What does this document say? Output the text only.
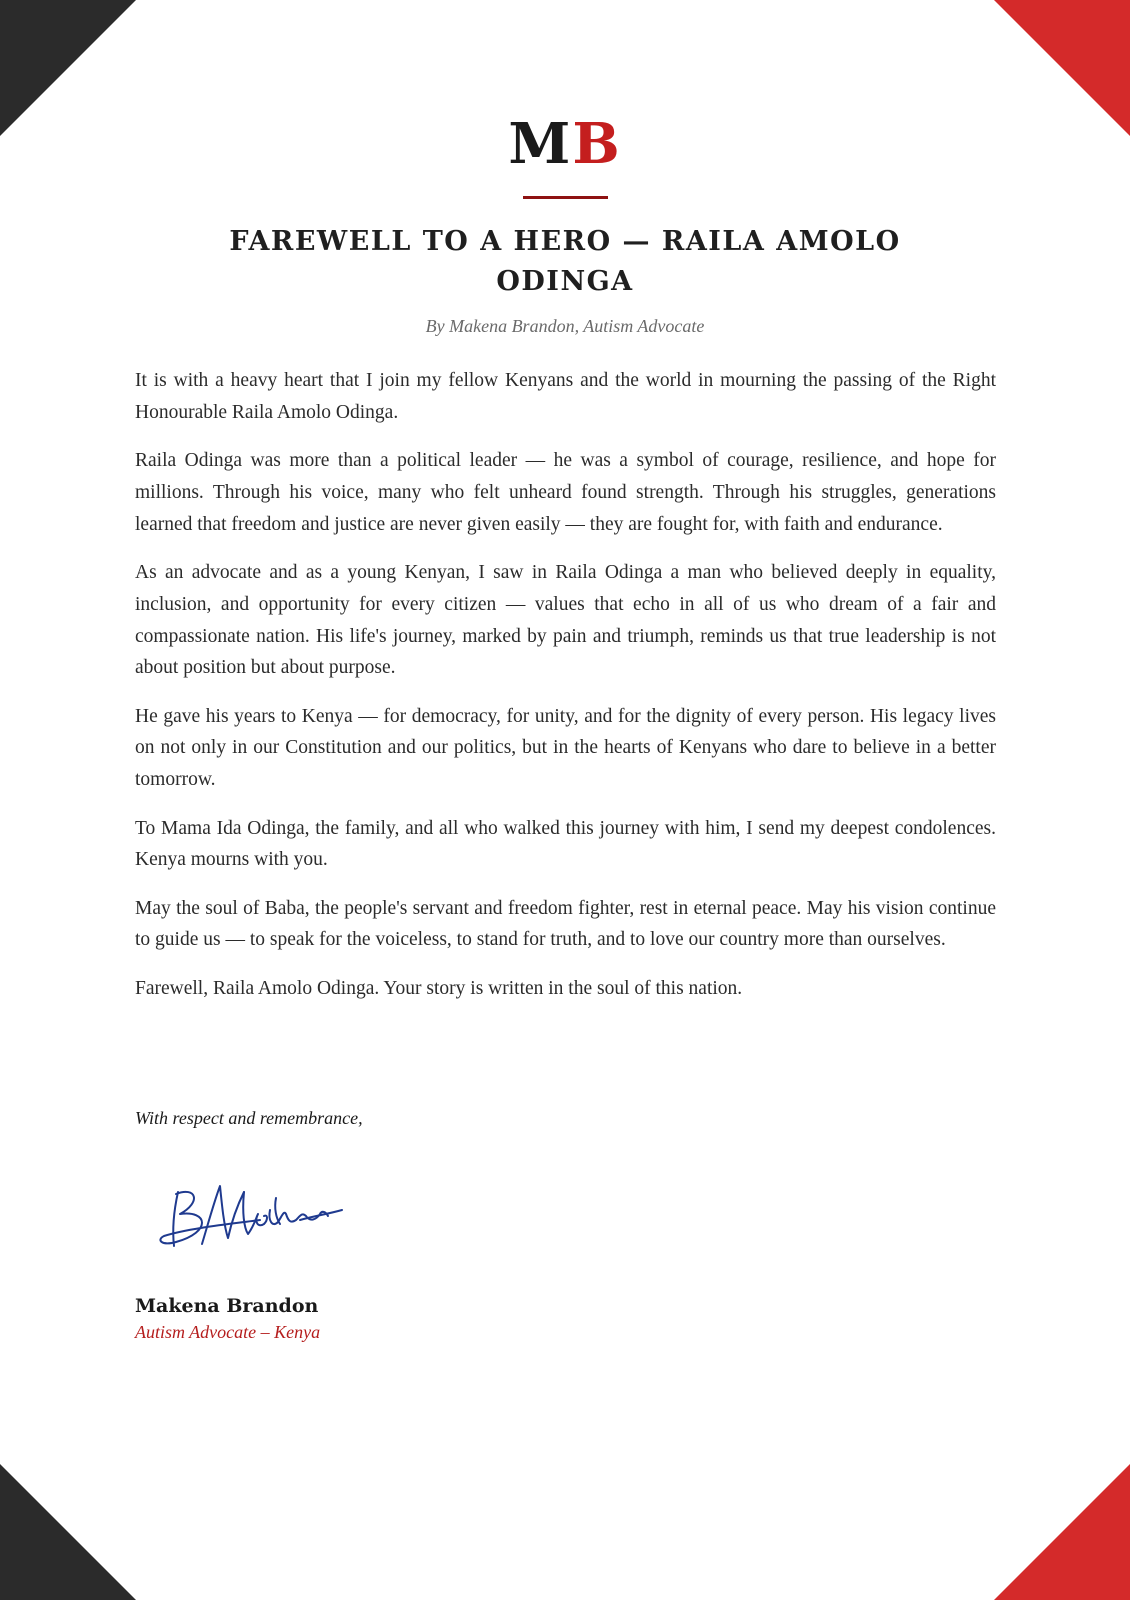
MB
FAREWELL TO A HERO — RAILA AMOLO ODINGA
By Makena Brandon, Autism Advocate

It is with a heavy heart that I join my fellow Kenyans and the world in mourning the passing of the Right Honourable Raila Amolo Odinga.

Raila Odinga was more than a political leader — he was a symbol of courage, resilience, and hope for millions. Through his voice, many who felt unheard found strength. Through his struggles, generations learned that freedom and justice are never given easily — they are fought for, with faith and endurance.

As an advocate and as a young Kenyan, I saw in Raila Odinga a man who believed deeply in equality, inclusion, and opportunity for every citizen — values that echo in all of us who dream of a fair and compassionate nation. His life's journey, marked by pain and triumph, reminds us that true leadership is not about position but about purpose.

He gave his years to Kenya — for democracy, for unity, and for the dignity of every person. His legacy lives on not only in our Constitution and our politics, but in the hearts of Kenyans who dare to believe in a better tomorrow.

To Mama Ida Odinga, the family, and all who walked this journey with him, I send my deepest condolences. Kenya mourns with you.

May the soul of Baba, the people's servant and freedom fighter, rest in eternal peace. May his vision continue to guide us — to speak for the voiceless, to stand for truth, and to love our country more than ourselves.

Farewell, Raila Amolo Odinga. Your story is written in the soul of this nation.

With respect and remembrance,
Makena Brandon
Autism Advocate – Kenya
